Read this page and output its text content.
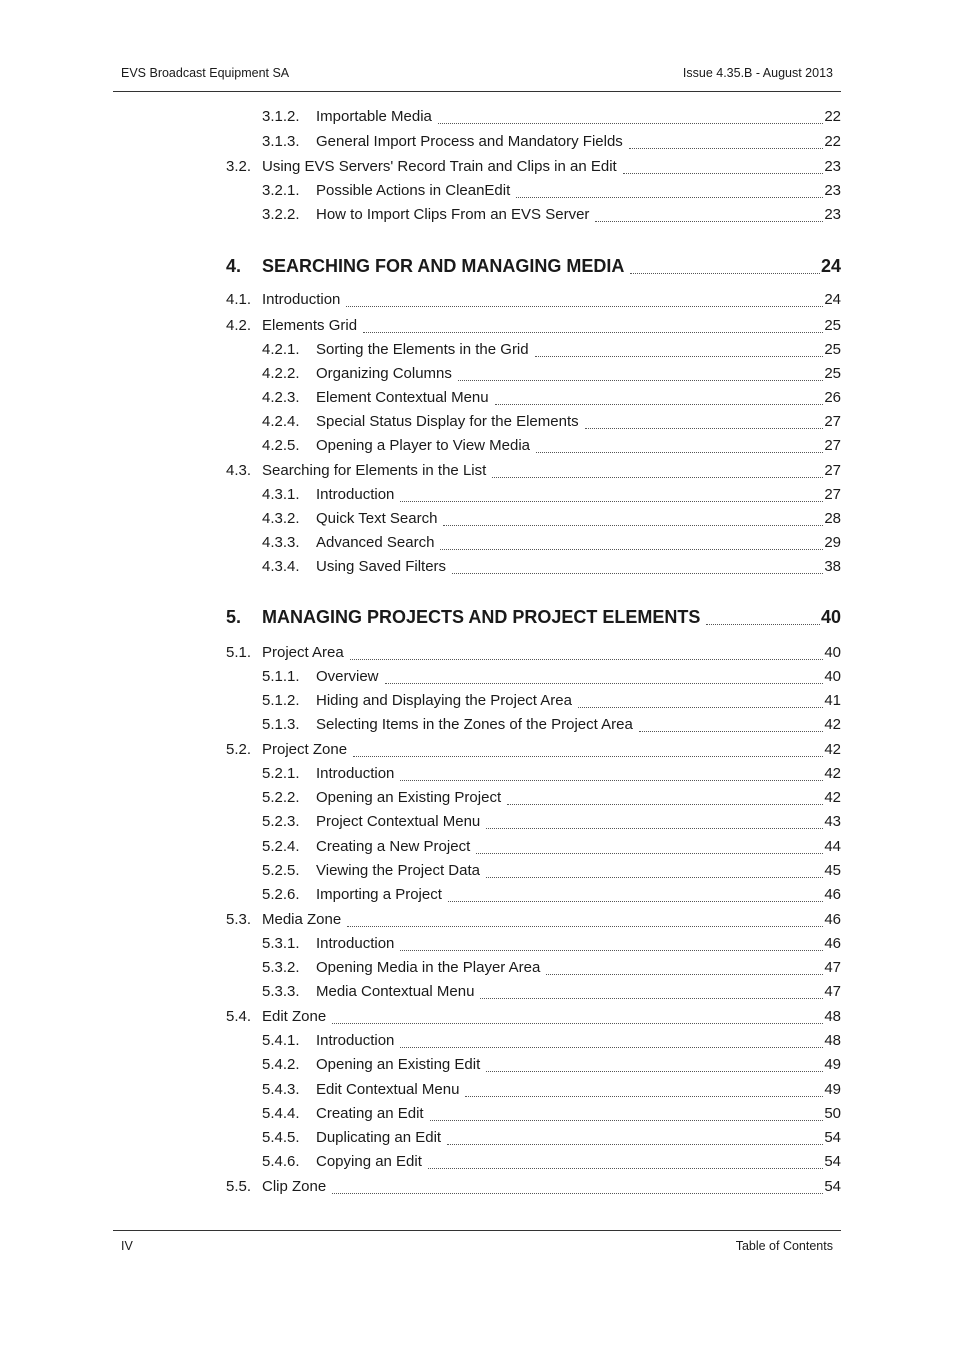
EVS Broadcast Equipment SA	Issue 4.35.B - August 2013
3.1.2.	Importable Media	22
3.1.3.	General Import Process and Mandatory Fields	22
3.2. Using EVS Servers' Record Train and Clips in an Edit	23
3.2.1.	Possible Actions in CleanEdit	23
3.2.2.	How to Import Clips From an EVS Server	23
4.	SEARCHING FOR AND MANAGING MEDIA	24
4.1. Introduction	24
4.2. Elements Grid	25
4.2.1.	Sorting the Elements in the Grid	25
4.2.2.	Organizing Columns	25
4.2.3.	Element Contextual Menu	26
4.2.4.	Special Status Display for the Elements	27
4.2.5.	Opening a Player to View Media	27
4.3. Searching for Elements in the List	27
4.3.1.	Introduction	27
4.3.2.	Quick Text Search	28
4.3.3.	Advanced Search	29
4.3.4.	Using Saved Filters	38
5.	MANAGING PROJECTS AND PROJECT ELEMENTS	40
5.1. Project Area	40
5.1.1.	Overview	40
5.1.2.	Hiding and Displaying the Project Area	41
5.1.3.	Selecting Items in the Zones of the Project Area	42
5.2. Project Zone	42
5.2.1.	Introduction	42
5.2.2.	Opening an Existing Project	42
5.2.3.	Project Contextual Menu	43
5.2.4.	Creating a New Project	44
5.2.5.	Viewing the Project Data	45
5.2.6.	Importing a Project	46
5.3. Media Zone	46
5.3.1.	Introduction	46
5.3.2.	Opening Media in the Player Area	47
5.3.3.	Media Contextual Menu	47
5.4. Edit Zone	48
5.4.1.	Introduction	48
5.4.2.	Opening an Existing Edit	49
5.4.3.	Edit Contextual Menu	49
5.4.4.	Creating an Edit	50
5.4.5.	Duplicating an Edit	54
5.4.6.	Copying an Edit	54
5.5. Clip Zone	54
IV	Table of Contents
